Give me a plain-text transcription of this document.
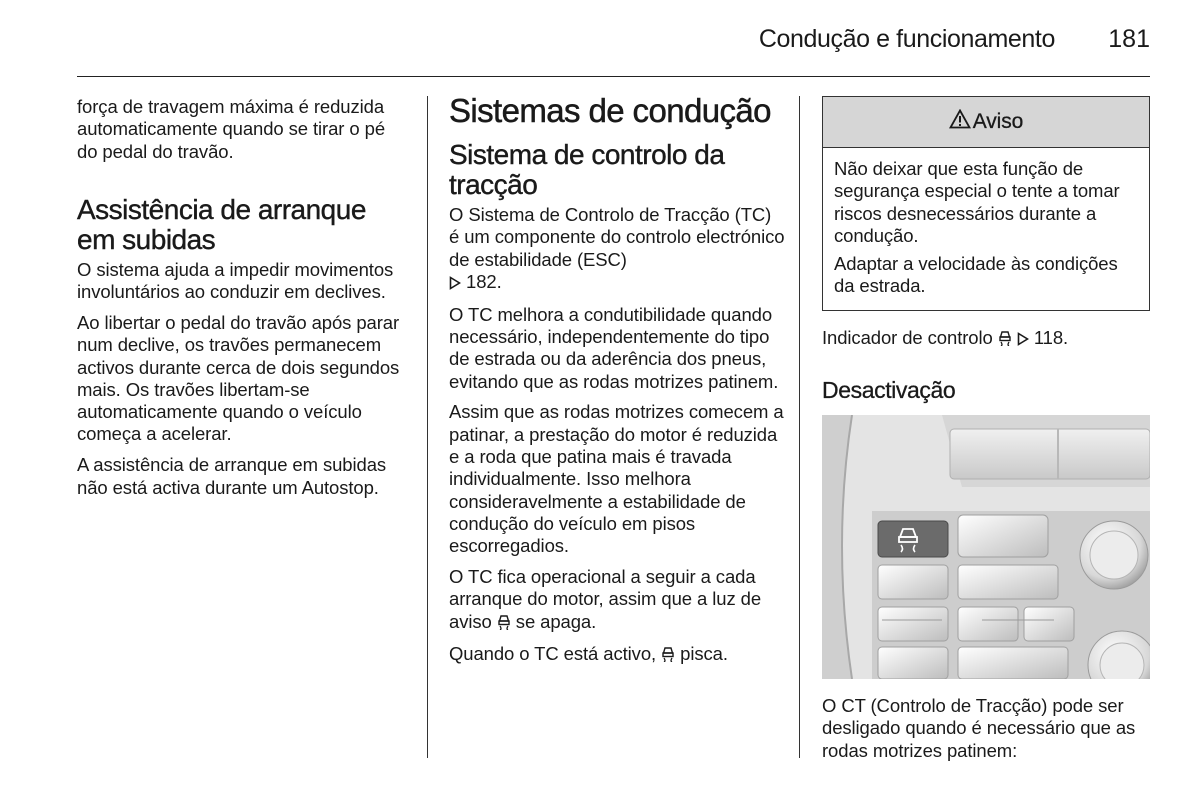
Condução e funcionamento 181

força de travagem máxima é reduzida automaticamente quando se tirar o pé do pedal do travão.

Assistência de arranque em subidas

O sistema ajuda a impedir movimentos involuntários ao conduzir em declives.

Ao libertar o pedal do travão após parar num declive, os travões permanecem activos durante cerca de dois segundos mais. Os travões libertam-se automaticamente quando o veículo começa a acelerar.

A assistência de arranque em subidas não está activa durante um Autostop.

Sistemas de condução
Sistema de controlo da tracção

O Sistema de Controlo de Tracção (TC) é um componente do controlo electrónico de estabilidade (ESC)
182.

O TC melhora a condutibilidade quando necessário, independentemente do tipo de estrada ou da aderência dos pneus, evitando que as rodas motrizes patinem.

Assim que as rodas motrizes comecem a patinar, a prestação do motor é reduzida e a roda que patina mais é travada individualmente. Isso melhora consideravelmente a estabilidade de condução do veículo em pisos escorregadios.

O TC fica operacional a seguir a cada arranque do motor, assim que a luz de aviso se apaga.

Quando o TC está activo, pisca.

Aviso

Não deixar que esta função de segurança especial o tente a tomar riscos desnecessários durante a condução.

Adaptar a velocidade às condições da estrada.

Indicador de controlo 118.

Desactivação

O CT (Controlo de Tracção) pode ser desligado quando é necessário que as rodas motrizes patinem:
